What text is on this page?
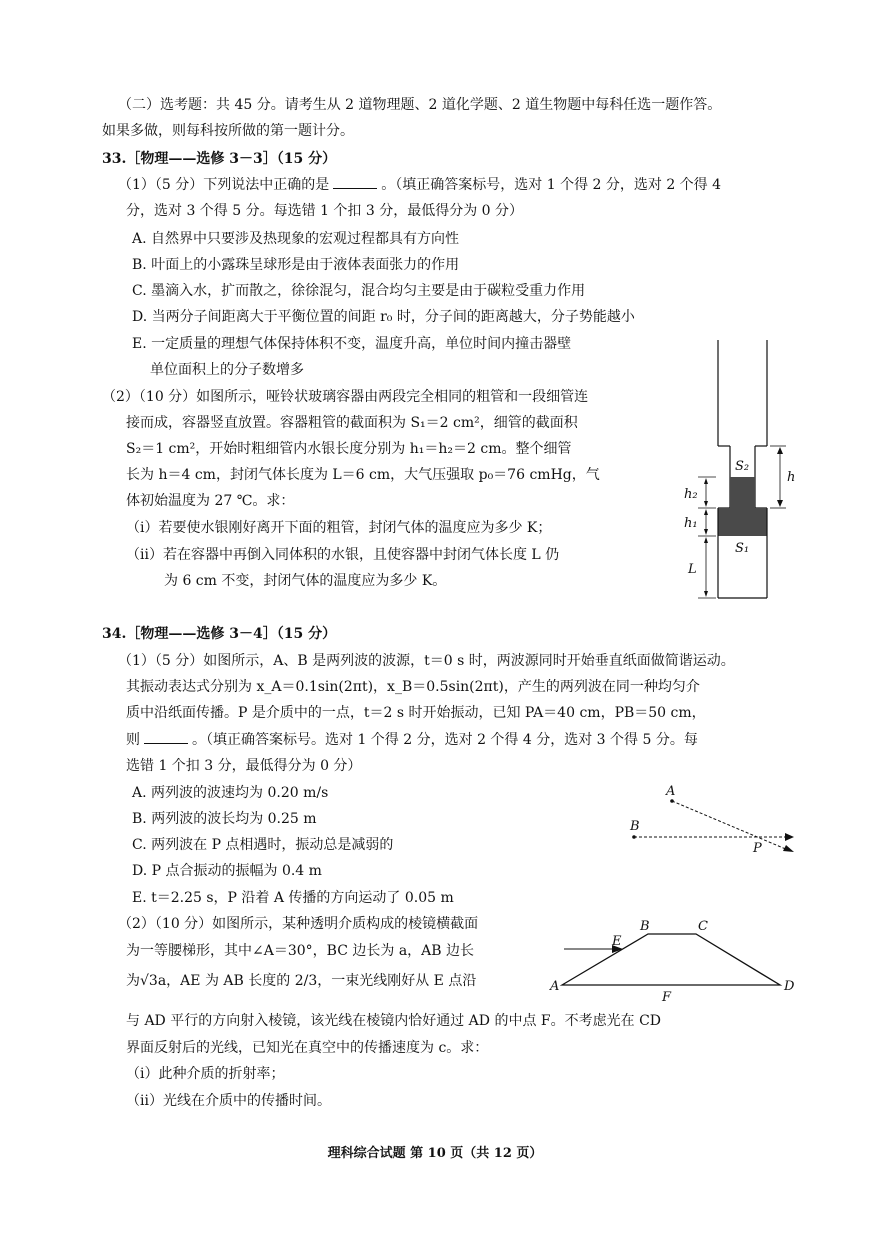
（二）选考题：共 45 分。请考生从 2 道物理题、2 道化学题、2 道生物题中每科任选一题作答。
如果多做，则每科按所做的第一题计分。
33.［物理——选修 3－3］（15 分）
（1）（5 分）下列说法中正确的是	。（填正确答案标号，选对 1 个得 2 分，选对 2 个得 4
分，选对 3 个得 5 分。每选错 1 个扣 3 分，最低得分为 0 分）
A. 自然界中只要涉及热现象的宏观过程都具有方向性
B. 叶面上的小露珠呈球形是由于液体表面张力的作用
C. 墨滴入水，扩而散之，徐徐混匀，混合均匀主要是由于碳粒受重力作用
D. 当两分子间距离大于平衡位置的间距 r₀ 时，分子间的距离越大，分子势能越小
E. 一定质量的理想气体保持体积不变，温度升高，单位时间内撞击器壁
单位面积上的分子数增多
（2）（10 分）如图所示，哑铃状玻璃容器由两段完全相同的粗管和一段细管连
接而成，容器竖直放置。容器粗管的截面积为 S₁＝2 cm²，细管的截面积
S₂＝1 cm²，开始时粗细管内水银长度分别为 h₁＝h₂＝2 cm。整个细管
长为 h＝4 cm，封闭气体长度为 L＝6 cm，大气压强取 p₀＝76 cmHg，气
体初始温度为 27 ℃。求：
（ⅰ）若要使水银刚好离开下面的粗管，封闭气体的温度应为多少 K；
（ⅱ）若在容器中再倒入同体积的水银，且使容器中封闭气体长度 L 仍
为 6 cm 不变，封闭气体的温度应为多少 K。
h
h₂
h₁
L
S₂
S₁
34.［物理——选修 3－4］（15 分）
（1）（5 分）如图所示，A、B 是两列波的波源，t＝0 s 时，两波源同时开始垂直纸面做简谐运动。
其振动表达式分别为 x_A＝0.1sin(2πt)，x_B＝0.5sin(2πt)，产生的两列波在同一种均匀介
质中沿纸面传播。P 是介质中的一点，t＝2 s 时开始振动，已知 PA＝40 cm，PB＝50 cm，
则	。（填正确答案标号。选对 1 个得 2 分，选对 2 个得 4 分，选对 3 个得 5 分。每
选错 1 个扣 3 分，最低得分为 0 分）
A. 两列波的波速均为 0.20 m/s
B. 两列波的波长均为 0.25 m
C. 两列波在 P 点相遇时，振动总是减弱的
D. P 点合振动的振幅为 0.4 m
E. t＝2.25 s，P 沿着 A 传播的方向运动了 0.05 m
A
B
P
（2）（10 分）如图所示，某种透明介质构成的棱镜横截面
为一等腰梯形，其中∠A＝30°，BC 边长为 a，AB 边长
为√3a，AE 为 AB 长度的 2/3，一束光线刚好从 E 点沿
与 AD 平行的方向射入棱镜，该光线在棱镜内恰好通过 AD 的中点 F。不考虑光在 CD
界面反射后的光线，已知光在真空中的传播速度为 c。求：
（ⅰ）此种介质的折射率；
（ⅱ）光线在介质中的传播时间。
A
B	C
D
E
F
理科综合试题 第 10 页（共 12 页）
